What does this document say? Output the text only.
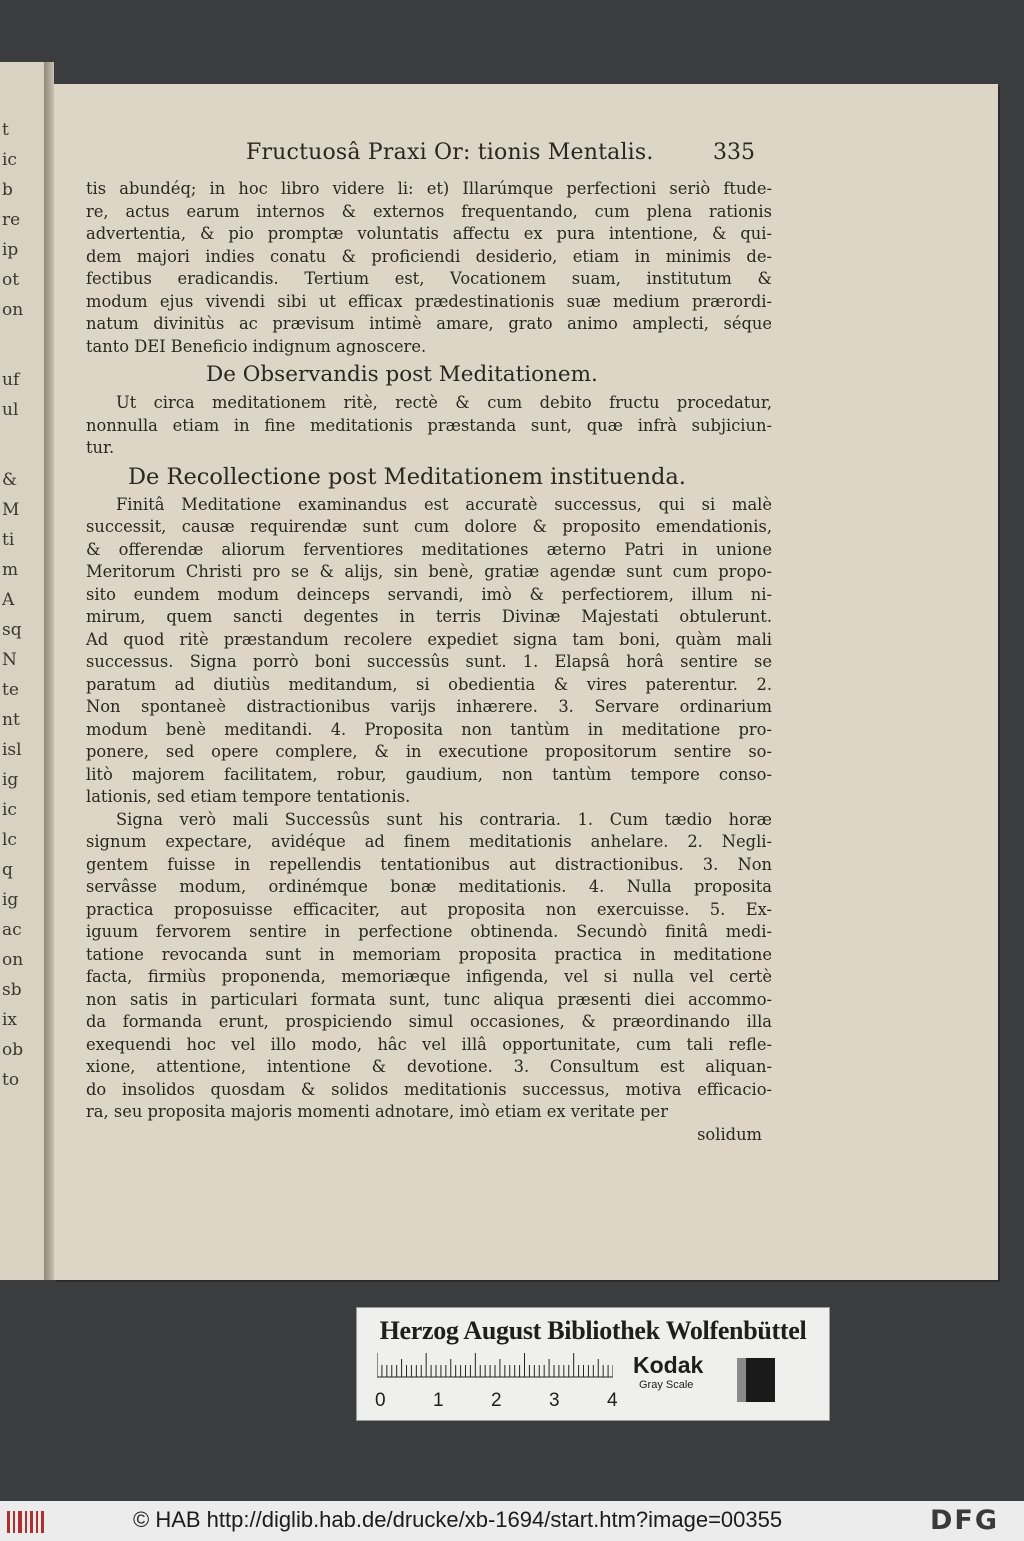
t
ic
b
re
ip
ot
on
uf
ul
&
M
ti
m
A
sq
N
te
nt
isl
ig
ic
lc
q
ig
ac
on
sb
ix
ob
to
Fructuosâ Praxi Or: tionis Mentalis.	335
tis abundéq; in hoc libro videre li: et) Illarúmque perfectioni seriò ftude-
re, actus earum internos & externos frequentando, cum plena rationis
advertentia, & pio promptæ voluntatis affectu ex pura intentione, & qui-
dem majori indies conatu & proficiendi desiderio, etiam in minimis de-
fectibus eradicandis. Tertium est, Vocationem suam, institutum &
modum ejus vivendi sibi ut efficax prædestinationis suæ medium prærordi-
natum divinitùs ac prævisum intimè amare, grato animo amplecti, séque
tanto DEI Beneficio indignum agnoscere.
De Observandis post Meditationem.
Ut circa meditationem ritè, rectè & cum debito fructu procedatur,
nonnulla etiam in fine meditationis præstanda sunt, quæ infrà subjiciun-
tur.
De Recollectione post Meditationem instituenda.
Finitâ Meditatione examinandus est accuratè successus, qui si malè
successit, causæ requirendæ sunt cum dolore & proposito emendationis,
& offerendæ aliorum ferventiores meditationes æterno Patri in unione
Meritorum Christi pro se & alijs, sin benè, gratiæ agendæ sunt cum propo-
sito eundem modum deinceps servandi, imò & perfectiorem, illum ni-
mirum, quem sancti degentes in terris Divinæ Majestati obtulerunt.
Ad quod ritè præstandum recolere expediet signa tam boni, quàm mali
successus. Signa porrò boni successûs sunt. 1. Elapsâ horâ sentire se
paratum ad diutiùs meditandum, si obedientia & vires paterentur. 2.
Non spontaneè distractionibus varijs inhærere. 3. Servare ordinarium
modum benè meditandi. 4. Proposita non tantùm in meditatione pro-
ponere, sed opere complere, & in executione propositorum sentire so-
litò majorem facilitatem, robur, gaudium, non tantùm tempore conso-
lationis, sed etiam tempore tentationis.
Signa verò mali Successûs sunt his contraria. 1. Cum tædio horæ
signum expectare, avidéque ad finem meditationis anhelare. 2. Negli-
gentem fuisse in repellendis tentationibus aut distractionibus. 3. Non
servâsse modum, ordinémque bonæ meditationis. 4. Nulla proposita
practica proposuisse efficaciter, aut proposita non exercuisse. 5. Ex-
iguum fervorem sentire in perfectione obtinenda. Secundò finitâ medi-
tatione revocanda sunt in memoriam proposita practica in meditatione
facta, firmiùs proponenda, memoriæque infigenda, vel si nulla vel certè
non satis in particulari formata sunt, tunc aliqua præsenti diei accommo-
da formanda erunt, prospiciendo simul occasiones, & præordinando illa
exequendi hoc vel illo modo, hâc vel illâ opportunitate, cum tali refle-
xione, attentione, intentione & devotione. 3. Consultum est aliquan-
do insolidos quosdam & solidos meditationis successus, motiva efficacio-
ra, seu proposita majoris momenti adnotare, imò etiam ex veritate per
solidum
Herzog August Bibliothek Wolfenbüttel
0 1 2 3 4
Kodak
Gray Scale
© HAB http://diglib.hab.de/drucke/xb-1694/start.htm?image=00355	DFG
